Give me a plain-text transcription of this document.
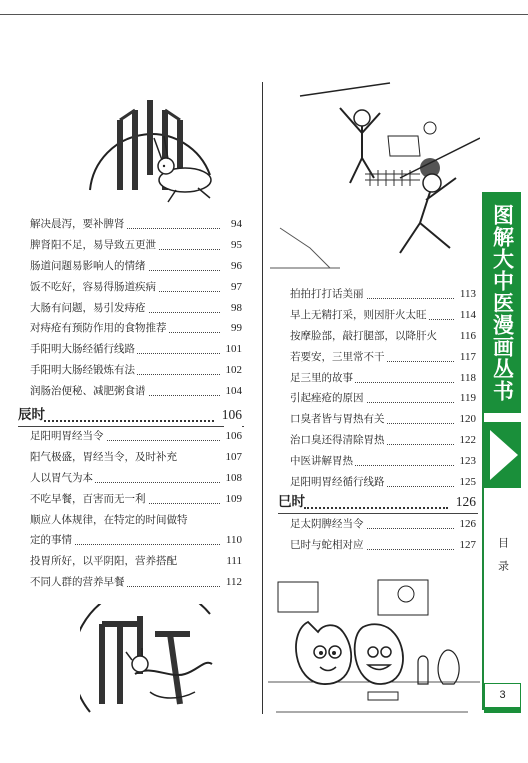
解决晨泻，要补脾肾	94
脾肾阳不足，易导致五更泄	95
肠道问题易影响人的情绪	96
饭不吃好，容易得肠道疾病	97
大肠有问题，易引发痔疮	98
对痔疮有预防作用的食物推荐	99
手阳明大肠经循行线路	101
手阳明大肠经锻炼有法	102
润肠治便秘、减肥粥食谱	104
辰时	106
足阳明胃经当令	106
阳气极盛，胃经当令，及时补充	107
人以胃气为本	108
不吃早餐，百害而无一利	109
顺应人体规律，在特定的时间做特
定的事情	110
投胃所好，以平阴阳，营养搭配	111
不同人群的营养早餐	112
拍拍打打话美丽	113
早上无精打采，则因肝火太旺	114
按摩脸部，敲打腿部，以降肝火 116
若要安，三里常不干	117
足三里的故事	118
引起痤疮的原因	119
口臭者皆与胃热有关	120
治口臭还得清除胃热	122
中医讲解胃热	123
足阳明胃经循行线路	125
巳时	126
足太阴脾经当令	126
巳时与蛇相对应	127
图解大中医漫画丛书
目录
3
